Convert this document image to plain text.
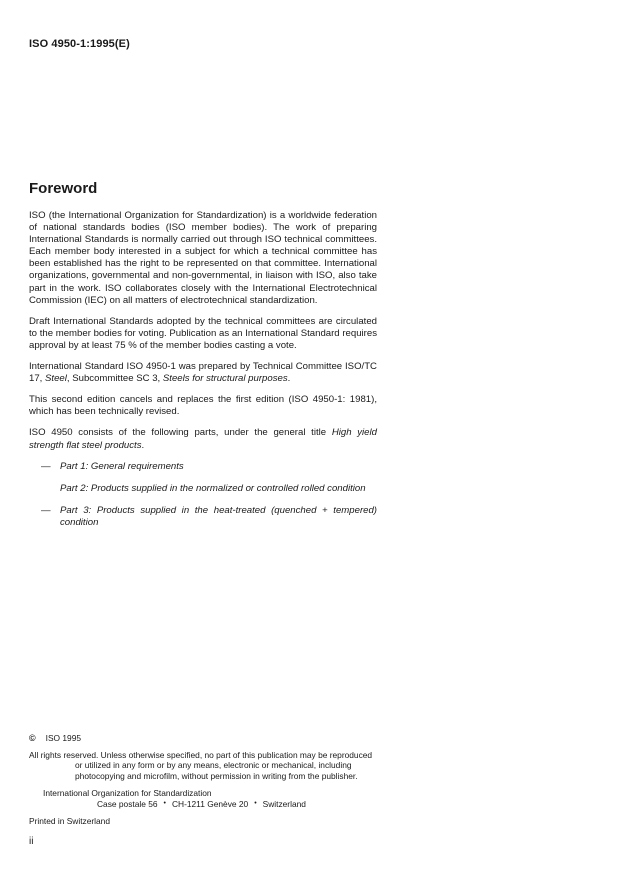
ISO 4950-1:1995(E)
Foreword

ISO (the International Organization for Standardization) is a worldwide federation of national standards bodies (ISO member bodies). The work of preparing International Standards is normally carried out through ISO technical committees. Each member body interested in a subject for which a technical committee has been established has the right to be represented on that committee. International organizations, governmental and non-governmental, in liaison with ISO, also take part in the work. ISO collaborates closely with the International Electrotechnical Commission (IEC) on all matters of electrotechnical standardization.

Draft International Standards adopted by the technical committees are circulated to the member bodies for voting. Publication as an International Standard requires approval by at least 75 % of the member bodies casting a vote.

International Standard ISO 4950-1 was prepared by Technical Committee ISO/TC 17, Steel, Subcommittee SC 3, Steels for structural purposes.

This second edition cancels and replaces the first edition (ISO 4950-1: 1981), which has been technically revised.

ISO 4950 consists of the following parts, under the general title High yield strength flat steel products.

— Part 1: General requirements
Part 2: Products supplied in the normalized or controlled rolled condition
— Part 3: Products supplied in the heat-treated (quenched + tempered) condition
© ISO 1995

All rights reserved. Unless otherwise specified, no part of this publication may be reproduced
or utilized in any form or by any means, electronic or mechanical, including
photocopying and microfilm, without permission in writing from the publisher.

International Organization for Standardization
Case postale 56 • CH-1211 Genève 20 • Switzerland
Printed in Switzerland
ii
